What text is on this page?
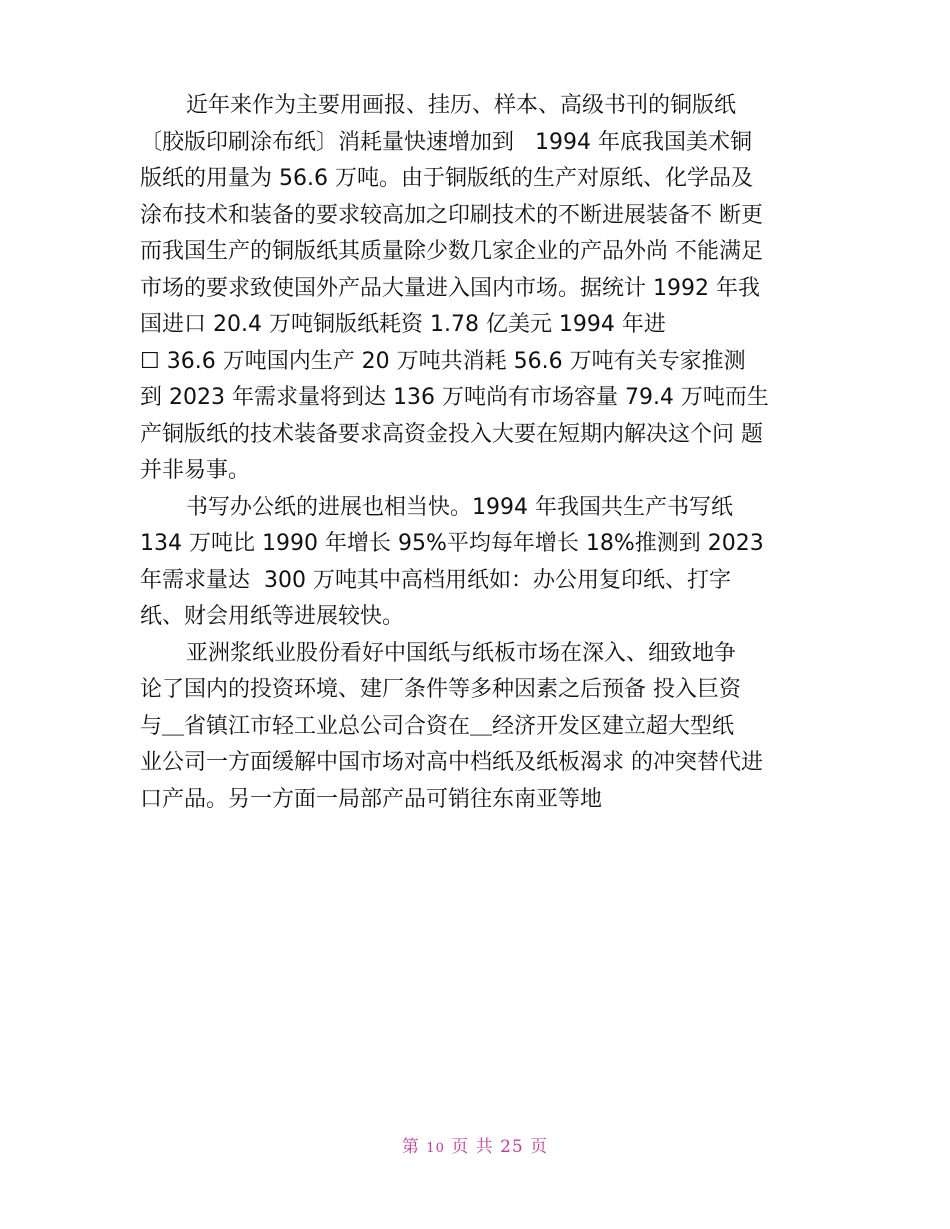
近年来作为主要用画报、挂历、样本、高级书刊的铜版纸
〔胶版印刷涂布纸〕消耗量快速增加到   1994 年底我国美术铜
版纸的用量为 56.6 万吨。由于铜版纸的生产对原纸、化学品及
涂布技术和装备的要求较高加之印刷技术的不断进展装备不 断更
而我国生产的铜版纸其质量除少数几家企业的产品外尚 不能满足
市场的要求致使国外产品大量进入国内市场。据统计 1992 年我
国进口 20.4 万吨铜版纸耗资 1.78 亿美元 1994 年进
☐ 36.6 万吨国内生产 20 万吨共消耗 56.6 万吨有关专家推测
到 2023 年需求量将到达 136 万吨尚有市场容量 79.4 万吨而生
产铜版纸的技术装备要求高资金投入大要在短期内解决这个问 题
并非易事。
书写办公纸的进展也相当快。1994 年我国共生产书写纸
134 万吨比 1990 年增长 95%平均每年增长 18%推测到 2023
年需求量达  300 万吨其中高档用纸如：办公用复印纸、打字
纸、财会用纸等进展较快。
亚洲浆纸业股份看好中国纸与纸板市场在深入、细致地争
论了国内的投资环境、建厂条件等多种因素之后预备 投入巨资
与＿省镇江市轻工业总公司合资在＿经济开发区建立超大型纸
业公司一方面缓解中国市场对高中档纸及纸板渴求 的冲突替代进
口产品。另一方面一局部产品可销往东南亚等地
第 10 页 共 25 页
